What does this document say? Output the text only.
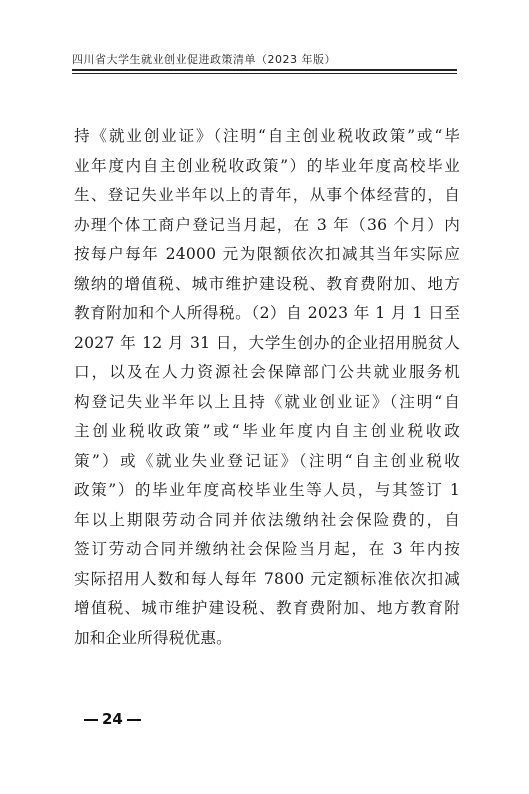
四川省大学生就业创业促进政策清单（2023 年版）
持《就业创业证》（注明“自主创业税收政策”或“毕
业年度内自主创业税收政策”）的毕业年度高校毕业
生、登记失业半年以上的青年，从事个体经营的，自
办理个体工商户登记当月起，在 3 年（36 个月）内
按每户每年 24000 元为限额依次扣减其当年实际应
缴纳的增值税、城市维护建设税、教育费附加、地方
教育附加和个人所得税。（2）自 2023 年 1 月 1 日至
2027 年 12 月 31 日，大学生创办的企业招用脱贫人
口，以及在人力资源社会保障部门公共就业服务机
构登记失业半年以上且持《就业创业证》（注明“自
主创业税收政策”或“毕业年度内自主创业税收政
策”）或《就业失业登记证》（注明“自主创业税收
政策”）的毕业年度高校毕业生等人员，与其签订 1
年以上期限劳动合同并依法缴纳社会保险费的，自
签订劳动合同并缴纳社会保险当月起，在 3 年内按
实际招用人数和每人每年 7800 元定额标准依次扣减
增值税、城市维护建设税、教育费附加、地方教育附
加和企业所得税优惠。
24
